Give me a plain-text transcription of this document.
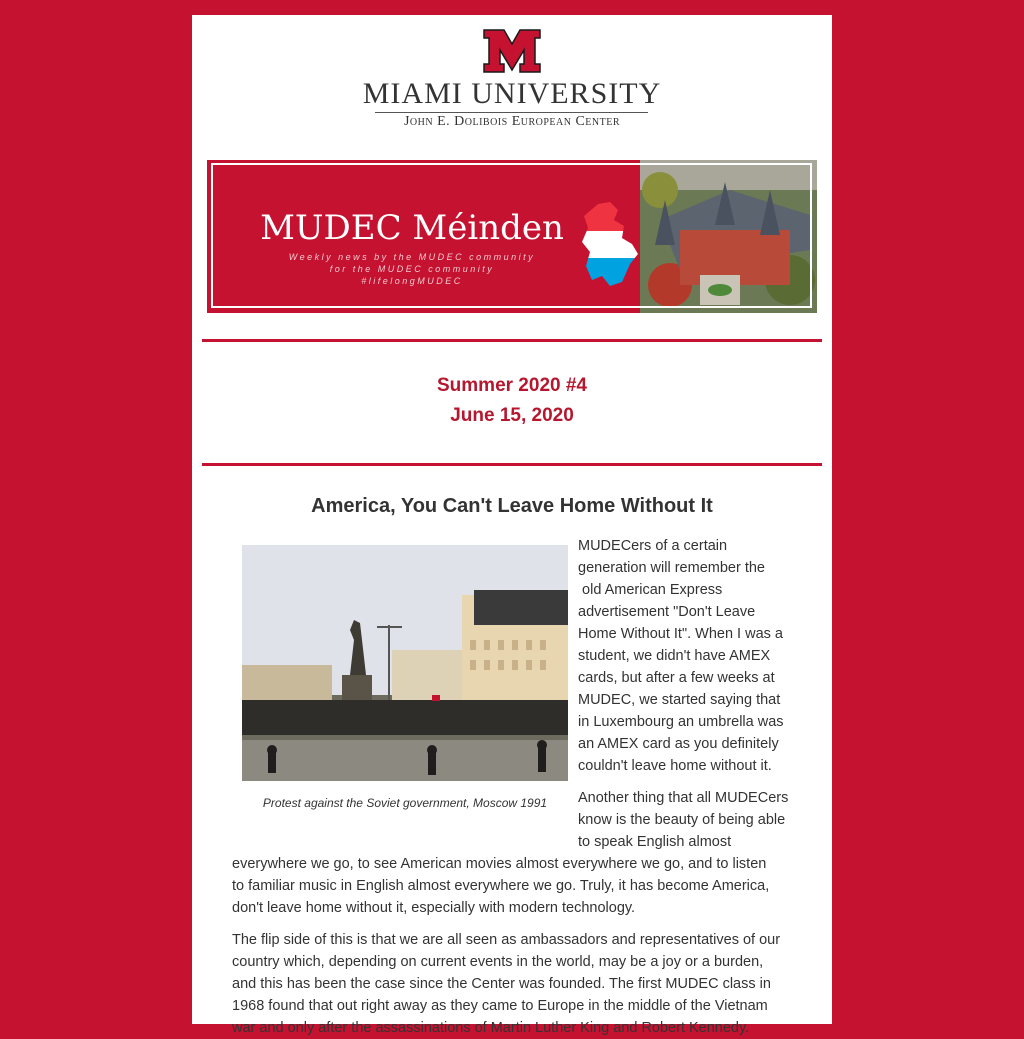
MIAMI UNIVERSITY
John E. Dolibois European Center
MUDEC Méinden
Weekly news by the MUDEC community
for the MUDEC community
#lifelongMUDEC
Summer 2020 #4
June 15, 2020
America, You Can't Leave Home Without It
Protest against the Soviet government, Moscow 1991

MUDECers of a certain

generation will remember the

old American Express

advertisement "Don't Leave

Home Without It". When I was a

student, we didn't have AMEX

cards, but after a few weeks at

MUDEC, we started saying that

in Luxembourg an umbrella was

an AMEX card as you definitely

couldn't leave home without it.

Another thing that all MUDECers

know is the beauty of being able

to speak English almost

everywhere we go, to see American movies almost everywhere we go, and to listen

to familiar music in English almost everywhere we go. Truly, it has become America,

don't leave home without it, especially with modern technology.

The flip side of this is that we are all seen as ambassadors and representatives of our

country which, depending on current events in the world, may be a joy or a burden,

and this has been the case since the Center was founded. The first MUDEC class in

1968 found that out right away as they came to Europe in the middle of the Vietnam

war and only after the assassinations of Martin Luther King and Robert Kennedy.
